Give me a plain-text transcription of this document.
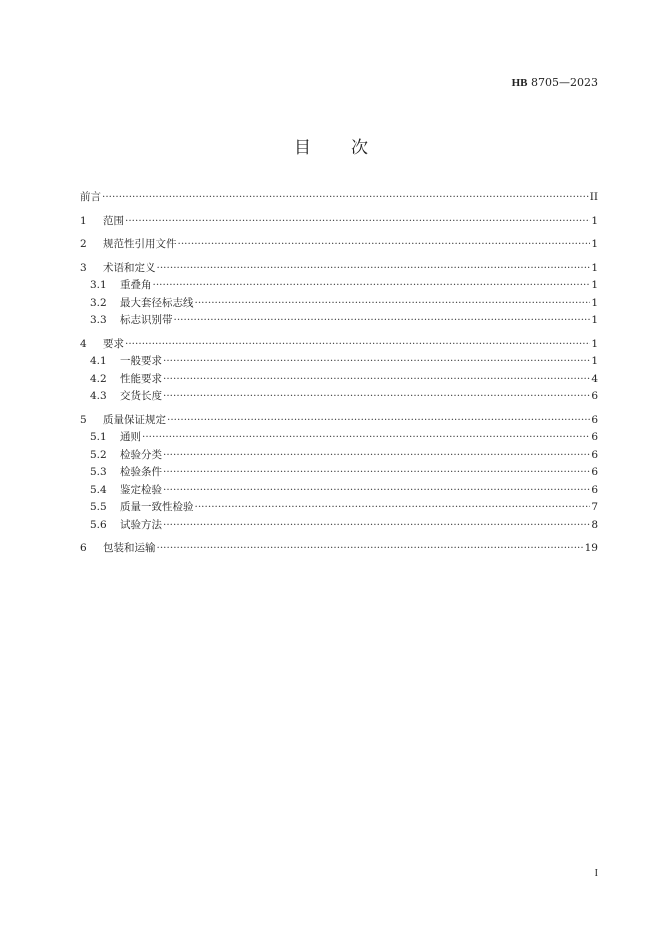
HB 8705—2023
目次
前言 ·····	II
1	范围 ·····	1
2	规范性引用文件 ·····	1
3	术语和定义 ·····	1
3.1	重叠角 ·····	1
3.2	最大套径标志线 ·····	1
3.3	标志识别带 ·····	1
4	要求 ·····	1
4.1	一般要求 ·····	1
4.2	性能要求 ·····	4
4.3	交货长度 ·····	6
5	质量保证规定 ·····	6
5.1	通则 ·····	6
5.2	检验分类 ·····	6
5.3	检验条件 ·····	6
5.4	鉴定检验 ·····	6
5.5	质量一致性检验 ·····	7
5.6	试验方法 ·····	8
6	包装和运输 ·····	19
I
